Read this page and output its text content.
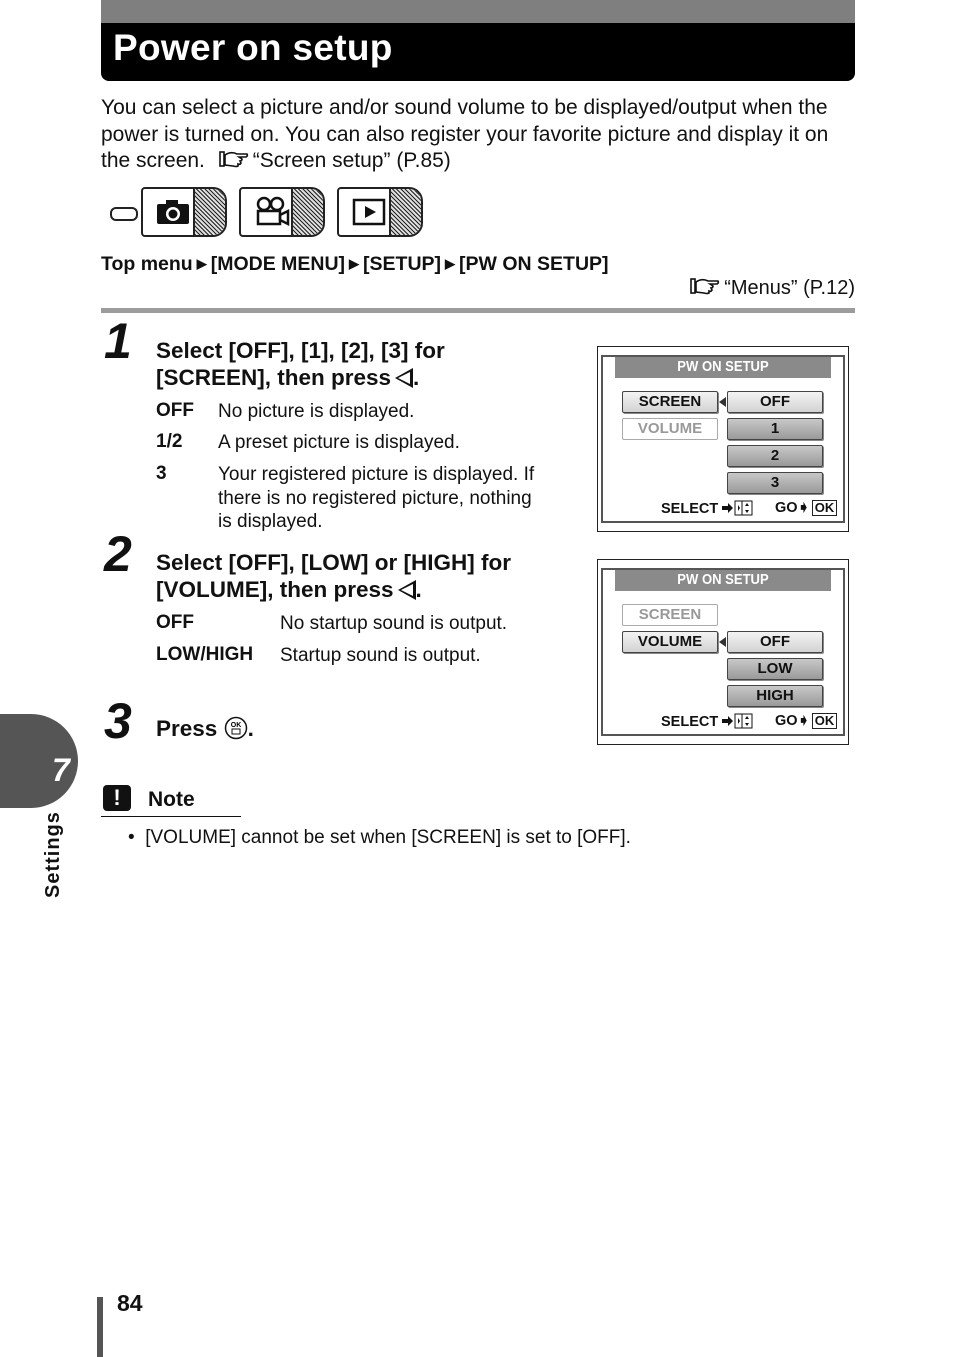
Power on setup
You can select a picture and/or sound volume to be displayed/output when the power is turned on. You can also register your favorite picture and display it on the screen. “Screen setup” (P.85)
Top menu ▶ [MODE MENU] ▶ [SETUP] ▶ [PW ON SETUP]
“Menus” (P.12)
1 Select [OFF], [1], [2], [3] for [SCREEN], then press .
OFF No picture is displayed.
1/2 A preset picture is displayed.
3	Your registered picture is displayed. If there is no registered picture, nothing is displayed.
2 Select [OFF], [LOW] or [HIGH] for [VOLUME], then press .
OFF	No startup sound is output.
LOW/HIGH Startup sound is output.
3 Press OK .
PW ON SETUP
SCREEN
VOLUME
OFF
1
2
3
SELECT	GO➧ OK
PW ON SETUP
SCREEN
VOLUME	OFF
LOW
HIGH
SELECT	GO➧ OK
7
Settings
!	Note
•  [VOLUME] cannot be set when [SCREEN] is set to [OFF].
84
